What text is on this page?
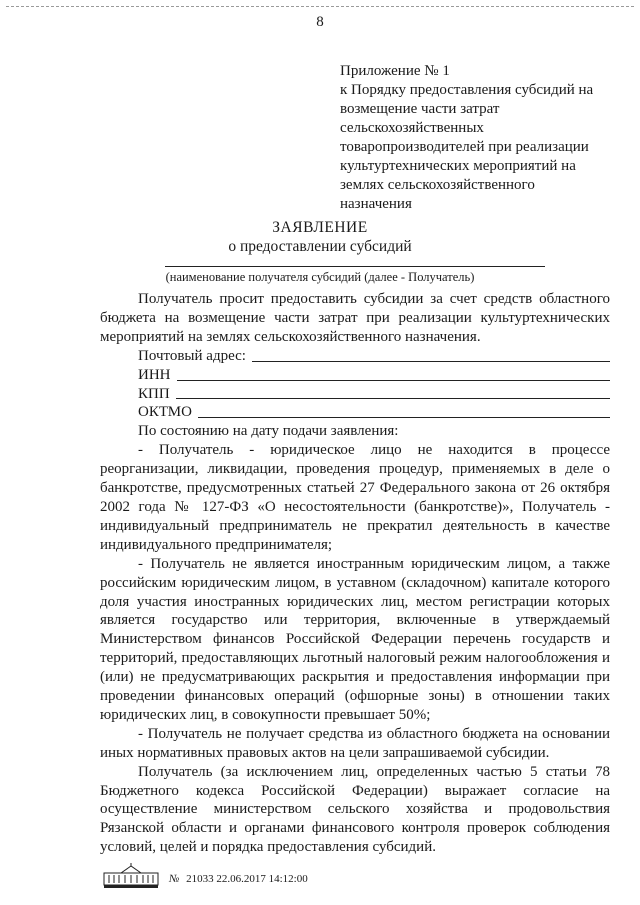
8
Приложение № 1
к Порядку предоставления субсидий на
возмещение части затрат
сельскохозяйственных
товаропроизводителей при реализации
культуртехнических мероприятий на
землях сельскохозяйственного
назначения
ЗАЯВЛЕНИЕ
о предоставлении субсидий
(наименование получателя субсидий (далее - Получатель)

Получатель просит предоставить субсидии за счет средств областного бюджета на возмещение части затрат при реализации культуртехнических мероприятий на землях сельскохозяйственного назначения.

Почтовый адрес:
ИНН
КПП
ОКТМО

По состоянию на дату подачи заявления:

- Получатель - юридическое лицо не находится в процессе реорганизации, ликвидации, проведения процедур, применяемых в деле о банкротстве, предусмотренных статьей 27 Федерального закона от 26 октября 2002 года № 127-ФЗ «О несостоятельности (банкротстве)», Получатель - индивидуальный предприниматель не прекратил деятельность в качестве индивидуального предпринимателя;

- Получатель не является иностранным юридическим лицом, а также российским юридическим лицом, в уставном (складочном) капитале которого доля участия иностранных юридических лиц, местом регистрации которых является государство или территория, включенные в утверждаемый Министерством финансов Российской Федерации перечень государств и территорий, предоставляющих льготный налоговый режим налогообложения и (или) не предусматривающих раскрытия и предоставления информации при проведении финансовых операций (офшорные зоны) в отношении таких юридических лиц, в совокупности превышает 50%;

- Получатель не получает средства из областного бюджета на основании иных нормативных правовых актов на цели запрашиваемой субсидии.

Получатель (за исключением лиц, определенных частью 5 статьи 78 Бюджетного кодекса Российской Федерации) выражает согласие на осуществление министерством сельского хозяйства и продовольствия Рязанской области и органами финансового контроля проверок соблюдения условий, целей и порядка предоставления субсидий.

№ 21033 22.06.2017 14:12:00
